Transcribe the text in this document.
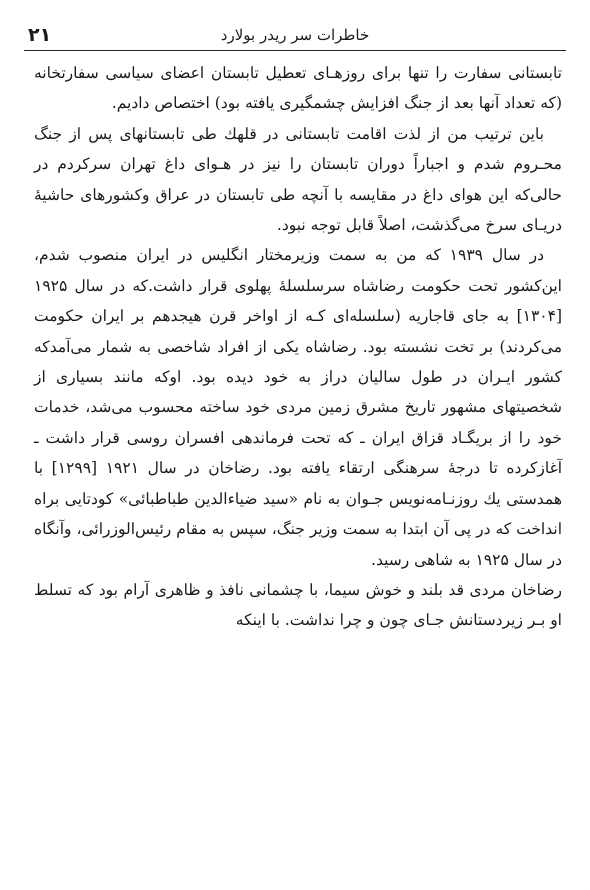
۲۱	خاطرات سر ریدر بولارد

تابستانی سفارت را تنها برای روزهـای تعطیل تابستان اعضای سیاسی سفارتخانه (که تعداد آنها بعد از جنگ افزایش چشمگیری یافته بود) اختصاص دادیم.

باین ترتیب من از لذت اقامت تابستانی در قلهك طی تابستانهای پس از جنگ محـروم شدم و اجباراً دوران تابستان را نیز در هـوای داغ تهران سرکردم در حالی‌که این هوای داغ در مقایسه با آنچه طی تابستان در عراق وکشورهای حاشیهٔ دریـای سرخ می‌گذشت، اصلاً قابل توجه نبود.

در سال ۱۹۳۹ که من به سمت وزیرمختار انگلیس در ایران منصوب شدم، این‌کشور تحت حکومت رضاشاه سرسلسلهٔ پهلوی قرار داشت.که در سال ۱۹۲۵ [۱۳۰۴] به جای قاجاریه (سلسله‌ای کـه از اواخر قرن هیجدهم بر ایران حکومت می‌کردند) بر تخت نشسته بود. رضاشاه یکی از افراد شاخصی به شمار می‌آمدکه کشور ایـران در طول سالیان دراز به خود دیده بود. اوکه مانند بسیاری از شخصیتهای مشهور تاریخ مشرق زمین مردی خود ساخته محسوب می‌شد، خدمات خود را از بریگـاد قزاق ایران ـ که تحت فرماندهی افسران روسی قرار داشت ـ آغازکرده تا درجهٔ سرهنگی ارتقاء یافته بود. رضاخان در سال ۱۹۲۱ [۱۲۹۹] با همدستی یك روزنـامه‌نویس جـوان به نام «سید ضیاءالدین طباطبائی» کودتایی براه انداخت که در پی آن ابتدا به سمت وزیر جنگ، سپس به مقام رئیس‌الوزرائی، وآنگاه در سال ۱۹۲۵ به شاهی رسید.

رضاخان مردی قد بلند و خوش سیما، با چشمانی نافذ و ظاهری آرام بود که تسلط او بـر زیردستانش جـای چون و چرا نداشت. با اینکه
